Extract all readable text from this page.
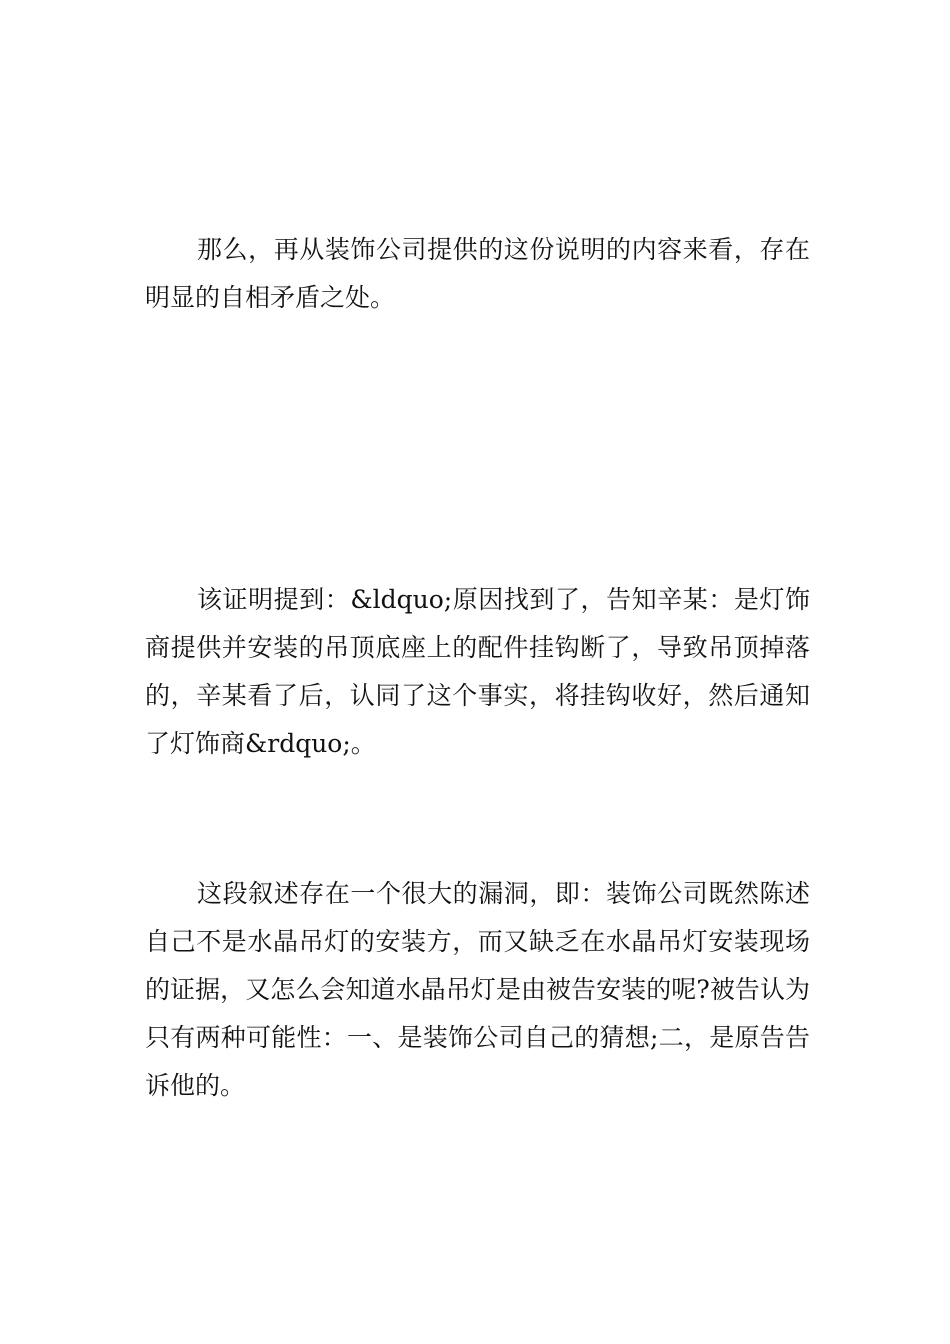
那么，再从装饰公司提供的这份说明的内容来看，存在明显的自相矛盾之处。

该证明提到：&ldquo;原因找到了，告知辛某：是灯饰商提供并安装的吊顶底座上的配件挂钩断了，导致吊顶掉落的，辛某看了后，认同了这个事实，将挂钩收好，然后通知了灯饰商&rdquo;。

这段叙述存在一个很大的漏洞，即：装饰公司既然陈述自己不是水晶吊灯的安装方，而又缺乏在水晶吊灯安装现场的证据，又怎么会知道水晶吊灯是由被告安装的呢?被告认为只有两种可能性：一、是装饰公司自己的猜想;二，是原告告诉他的。
